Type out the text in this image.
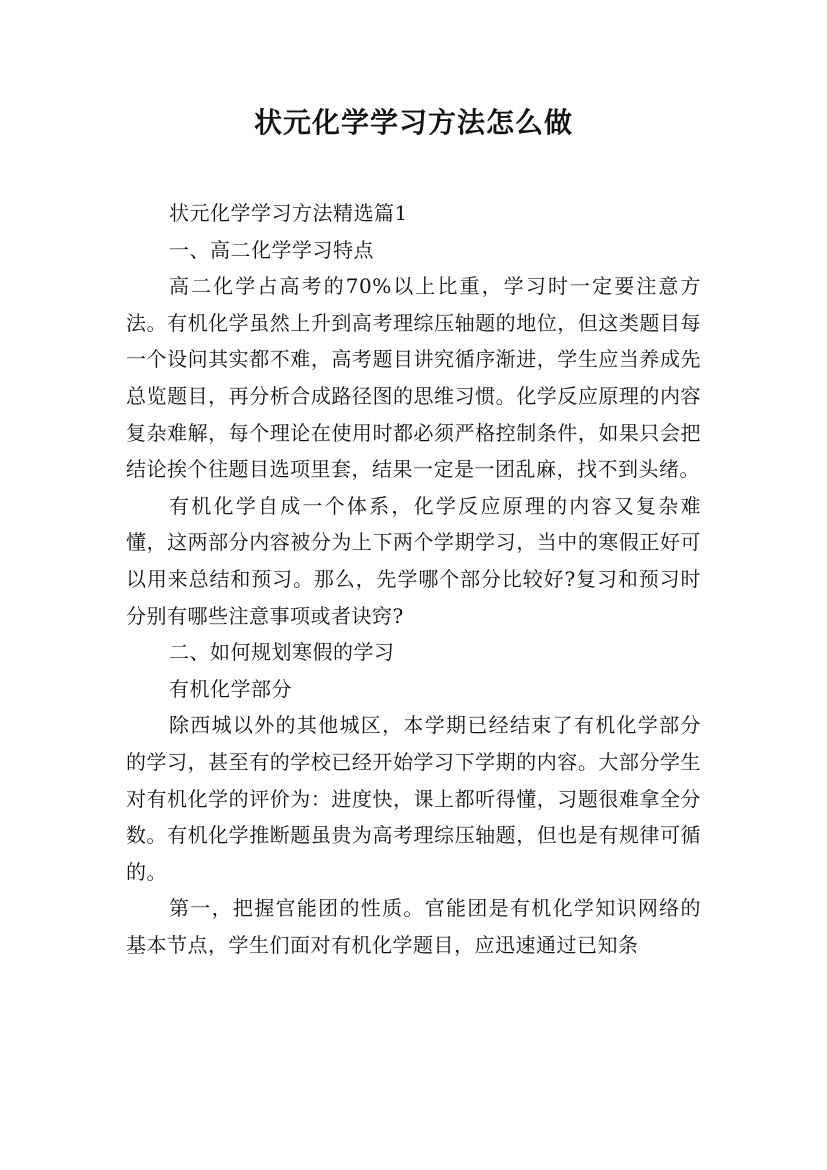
状元化学学习方法怎么做

状元化学学习方法精选篇1

一、高二化学学习特点

高二化学占高考的70%以上比重，学习时一定要注意方法。有机化学虽然上升到高考理综压轴题的地位，但这类题目每一个设问其实都不难，高考题目讲究循序渐进，学生应当养成先总览题目，再分析合成路径图的思维习惯。化学反应原理的内容复杂难解，每个理论在使用时都必须严格控制条件，如果只会把结论挨个往题目选项里套，结果一定是一团乱麻，找不到头绪。

有机化学自成一个体系，化学反应原理的内容又复杂难懂，这两部分内容被分为上下两个学期学习，当中的寒假正好可以用来总结和预习。那么，先学哪个部分比较好?复习和预习时分别有哪些注意事项或者诀窍?

二、如何规划寒假的学习

有机化学部分

除西城以外的其他城区，本学期已经结束了有机化学部分的学习，甚至有的学校已经开始学习下学期的内容。大部分学生对有机化学的评价为：进度快，课上都听得懂，习题很难拿全分数。有机化学推断题虽贵为高考理综压轴题，但也是有规律可循的。

第一，把握官能团的性质。官能团是有机化学知识网络的基本节点，学生们面对有机化学题目，应迅速通过已知条
